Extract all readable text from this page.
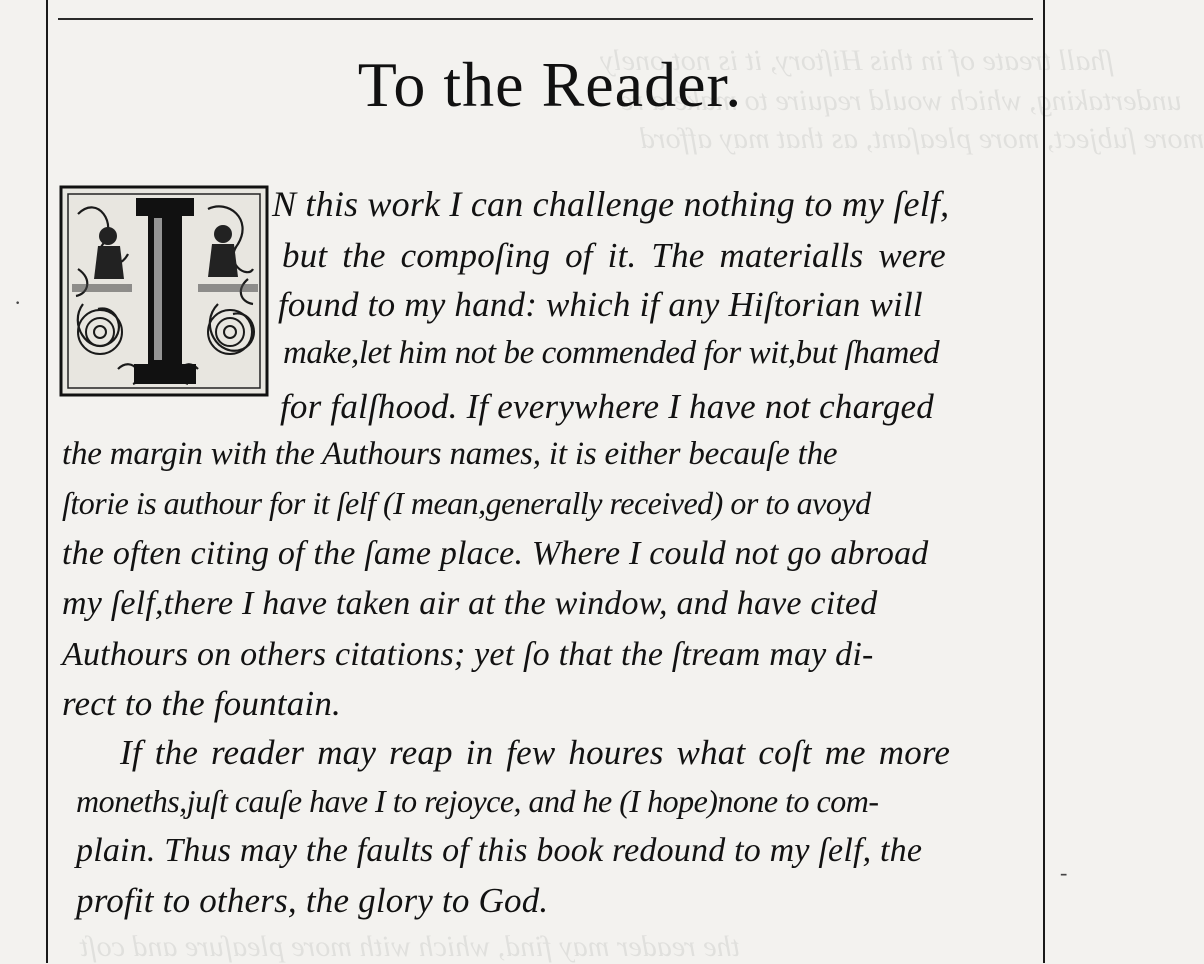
ſhall treate of in this Hiſtory, it is not onely
undertaking, which would require to make a re
more ſubject, more pleaſant, as that may afford
the reader may find, which with more pleaſure and coſt
To the Reader.
N this work I can challenge nothing to my ſelf,
but the compoſing of it. The materialls were
found to my hand: which if any Hiſtorian will
make,let him not be commended for wit,but ſhamed
for falſhood. If everywhere I have not charged
the margin with the Authours names, it is either becauſe the
ſtorie is authour for it ſelf (I mean,generally received) or to avoyd
the often citing of the ſame place. Where I could not go abroad
my ſelf,there I have taken air at the window, and have cited
Authours on others citations; yet ſo that the ſtream may di-
rect to the fountain.
If the reader may reap in few houres what coſt me more
moneths,juſt cauſe have I to rejoyce, and he (I hope)none to com-
plain. Thus may the faults of this book redound to my ſelf, the
profit to others, the glory to God.
·
-
